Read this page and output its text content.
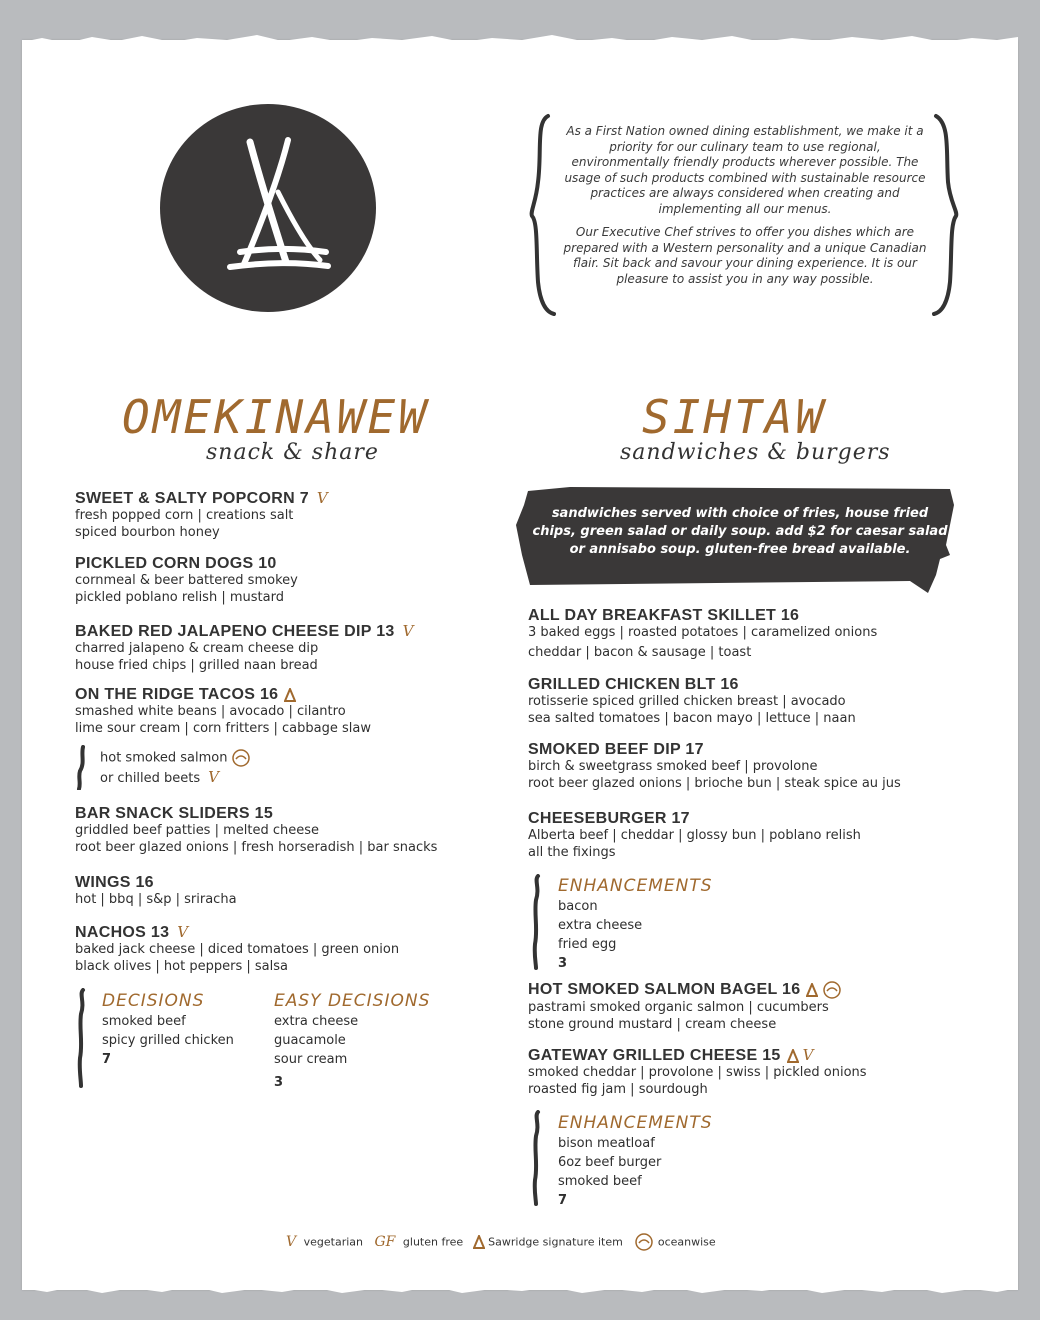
As a First Nation owned dining establishment, we make it a priority for our culinary team to use regional, environmentally friendly products wherever possible. The usage of such products combined with sustainable resource practices are always considered when creating and implementing all our menus.

Our Executive Chef strives to offer you dishes which are prepared with a Western personality and a unique Canadian flair. Sit back and savour your dining experience. It is our pleasure to assist you in any way possible.

OMEKINAWEW
snack & share
SIHTAW
sandwiches & burgers
sandwiches served with choice of fries, house fried chips, green salad or daily soup. add $2 for caesar salad or annisabo soup. gluten-free bread available.
SWEET & SALTY POPCORN 7 V
fresh popped corn | creations salt
spiced bourbon honey
PICKLED CORN DOGS 10
cornmeal & beer battered smokey
pickled poblano relish | mustard
BAKED RED JALAPENO CHEESE DIP 13 V
charred jalapeno & cream cheese dip
house fried chips | grilled naan bread
ON THE RIDGE TACOS 16
smashed white beans | avocado | cilantro
lime sour cream | corn fritters | cabbage slaw
hot smoked salmon
or chilled beets V
BAR SNACK SLIDERS 15
griddled beef patties | melted cheese
root beer glazed onions | fresh horseradish | bar snacks
WINGS 16
hot | bbq | s&p | sriracha
NACHOS 13 V
baked jack cheese | diced tomatoes | green onion
black olives | hot peppers | salsa
DECISIONS
smoked beef
spicy grilled chicken
7
EASY DECISIONS
extra cheese
guacamole
sour cream
3
ALL DAY BREAKFAST SKILLET 16
3 baked eggs | roasted potatoes | caramelized onions
cheddar | bacon & sausage | toast
GRILLED CHICKEN BLT 16
rotisserie spiced grilled chicken breast | avocado
sea salted tomatoes | bacon mayo | lettuce | naan
SMOKED BEEF DIP 17
birch & sweetgrass smoked beef | provolone
root beer glazed onions | brioche bun | steak spice au jus
CHEESEBURGER 17
Alberta beef | cheddar | glossy bun | poblano relish
all the fixings
ENHANCEMENTS
bacon
extra cheese
fried egg
3
HOT SMOKED SALMON BAGEL 16
pastrami smoked organic salmon | cucumbers
stone ground mustard | cream cheese
GATEWAY GRILLED CHEESE 15 V
smoked cheddar | provolone | swiss | pickled onions
roasted fig jam | sourdough
ENHANCEMENTS
bison meatloaf
6oz beef burger
smoked beef
7
V vegetarian GF gluten free Sawridge signature item	oceanwise
